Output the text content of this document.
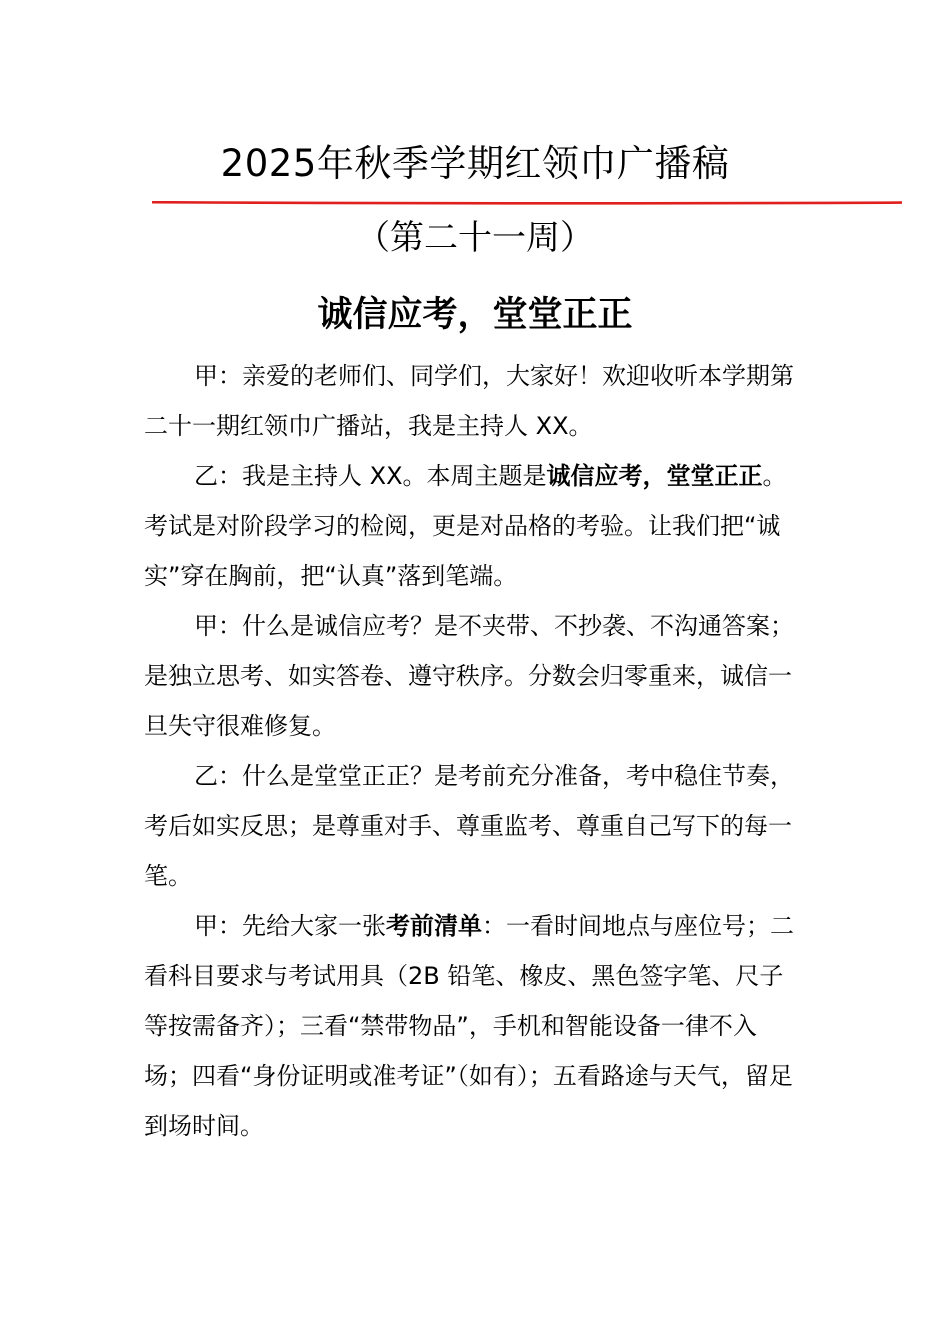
2025年秋季学期红领巾广播稿
（第二十一周）
诚信应考，堂堂正正

甲：亲爱的老师们、同学们，大家好！欢迎收听本学期第二十一期红领巾广播站，我是主持人 XX。

乙：我是主持人 XX。本周主题是诚信应考，堂堂正正。考试是对阶段学习的检阅，更是对品格的考验。让我们把“诚实”穿在胸前，把“认真”落到笔端。

甲：什么是诚信应考？是不夹带、不抄袭、不沟通答案；是独立思考、如实答卷、遵守秩序。分数会归零重来，诚信一旦失守很难修复。

乙：什么是堂堂正正？是考前充分准备，考中稳住节奏，考后如实反思；是尊重对手、尊重监考、尊重自己写下的每一笔。

甲：先给大家一张考前清单：一看时间地点与座位号；二看科目要求与考试用具（2B 铅笔、橡皮、黑色签字笔、尺子等按需备齐）；三看“禁带物品”，手机和智能设备一律不入场；四看“身份证明或准考证”（如有）；五看路途与天气，留足到场时间。
